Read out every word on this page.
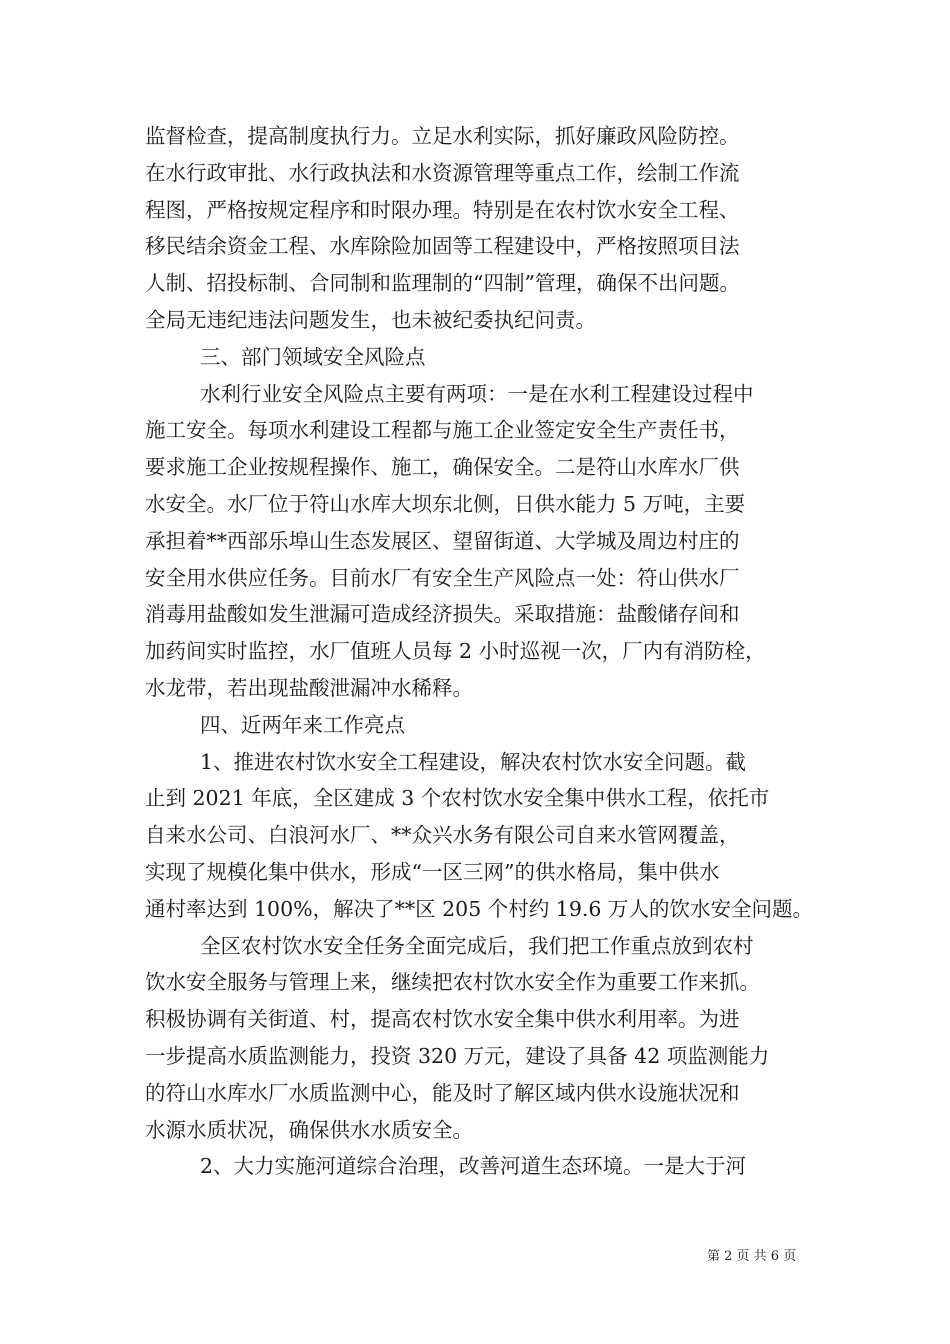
监督检查，提高制度执行力。立足水利实际，抓好廉政风险防控。
在水行政审批、水行政执法和水资源管理等重点工作，绘制工作流
程图，严格按规定程序和时限办理。特别是在农村饮水安全工程、
移民结余资金工程、水库除险加固等工程建设中，严格按照项目法
人制、招投标制、合同制和监理制的“四制”管理，确保不出问题。
全局无违纪违法问题发生，也未被纪委执纪问责。
三、部门领域安全风险点
水利行业安全风险点主要有两项：一是在水利工程建设过程中
施工安全。每项水利建设工程都与施工企业签定安全生产责任书，
要求施工企业按规程操作、施工，确保安全。二是符山水库水厂供
水安全。水厂位于符山水库大坝东北侧，日供水能力 5 万吨，主要
承担着**西部乐埠山生态发展区、望留街道、大学城及周边村庄的
安全用水供应任务。目前水厂有安全生产风险点一处：符山供水厂
消毒用盐酸如发生泄漏可造成经济损失。采取措施：盐酸储存间和
加药间实时监控，水厂值班人员每 2 小时巡视一次，厂内有消防栓，
水龙带，若出现盐酸泄漏冲水稀释。
四、近两年来工作亮点
1、推进农村饮水安全工程建设，解决农村饮水安全问题。截
止到 2021 年底，全区建成 3 个农村饮水安全集中供水工程，依托市
自来水公司、白浪河水厂、**众兴水务有限公司自来水管网覆盖，
实现了规模化集中供水，形成“一区三网”的供水格局，集中供水
通村率达到 100%，解决了**区 205 个村约 19.6 万人的饮水安全问题。
全区农村饮水安全任务全面完成后，我们把工作重点放到农村
饮水安全服务与管理上来，继续把农村饮水安全作为重要工作来抓。
积极协调有关街道、村，提高农村饮水安全集中供水利用率。为进
一步提高水质监测能力，投资 320 万元，建设了具备 42 项监测能力
的符山水库水厂水质监测中心，能及时了解区域内供水设施状况和
水源水质状况，确保供水水质安全。
2、大力实施河道综合治理，改善河道生态环境。一是大于河
第 2 页 共 6 页
